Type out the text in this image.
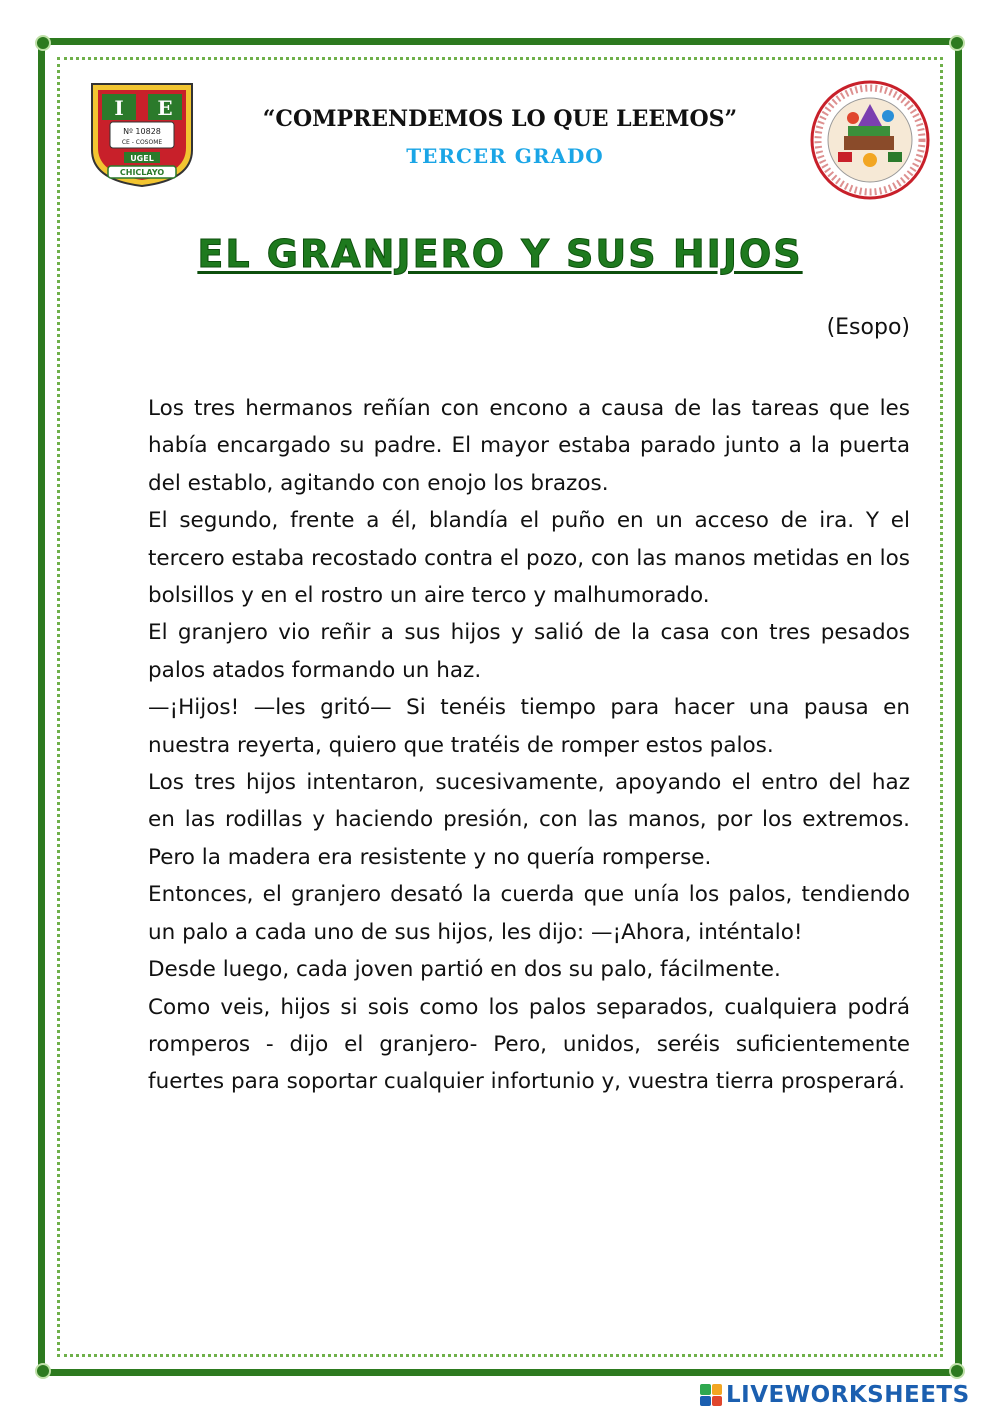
I E
Nº 10828
CE - COSOME
UGEL
CHICLAYO
“COMPRENDEMOS LO QUE LEEMOS”
TERCER GRADO
EL GRANJERO Y SUS HIJOS
(Esopo)

Los tres hermanos reñían con encono a causa de las tareas que les había encargado su padre. El mayor estaba parado junto a la puerta del establo, agitando con enojo los brazos.

El segundo, frente a él, blandía el puño en un acceso de ira. Y el tercero estaba recostado contra el pozo, con las manos metidas en los bolsillos y en el rostro un aire terco y malhumorado.

El granjero vio reñir a sus hijos y salió de la casa con tres pesados palos atados formando un haz.

—¡Hijos! —les gritó— Si tenéis tiempo para hacer una pausa en nuestra reyerta, quiero que tratéis de romper estos palos.

Los tres hijos intentaron, sucesivamente, apoyando el entro del haz en las rodillas y haciendo presión, con las manos, por los extremos. Pero la madera era resistente y no quería romperse.

Entonces, el granjero desató la cuerda que unía los palos, tendiendo un palo a cada uno de sus hijos, les dijo: —¡Ahora, inténtalo!

Desde luego, cada joven partió en dos su palo, fácilmente.

Como veis, hijos si sois como los palos separados, cualquiera podrá romperos - dijo el granjero- Pero, unidos, seréis suficientemente fuertes para soportar cualquier infortunio y, vuestra tierra prosperará.

LIVEWORKSHEETS
